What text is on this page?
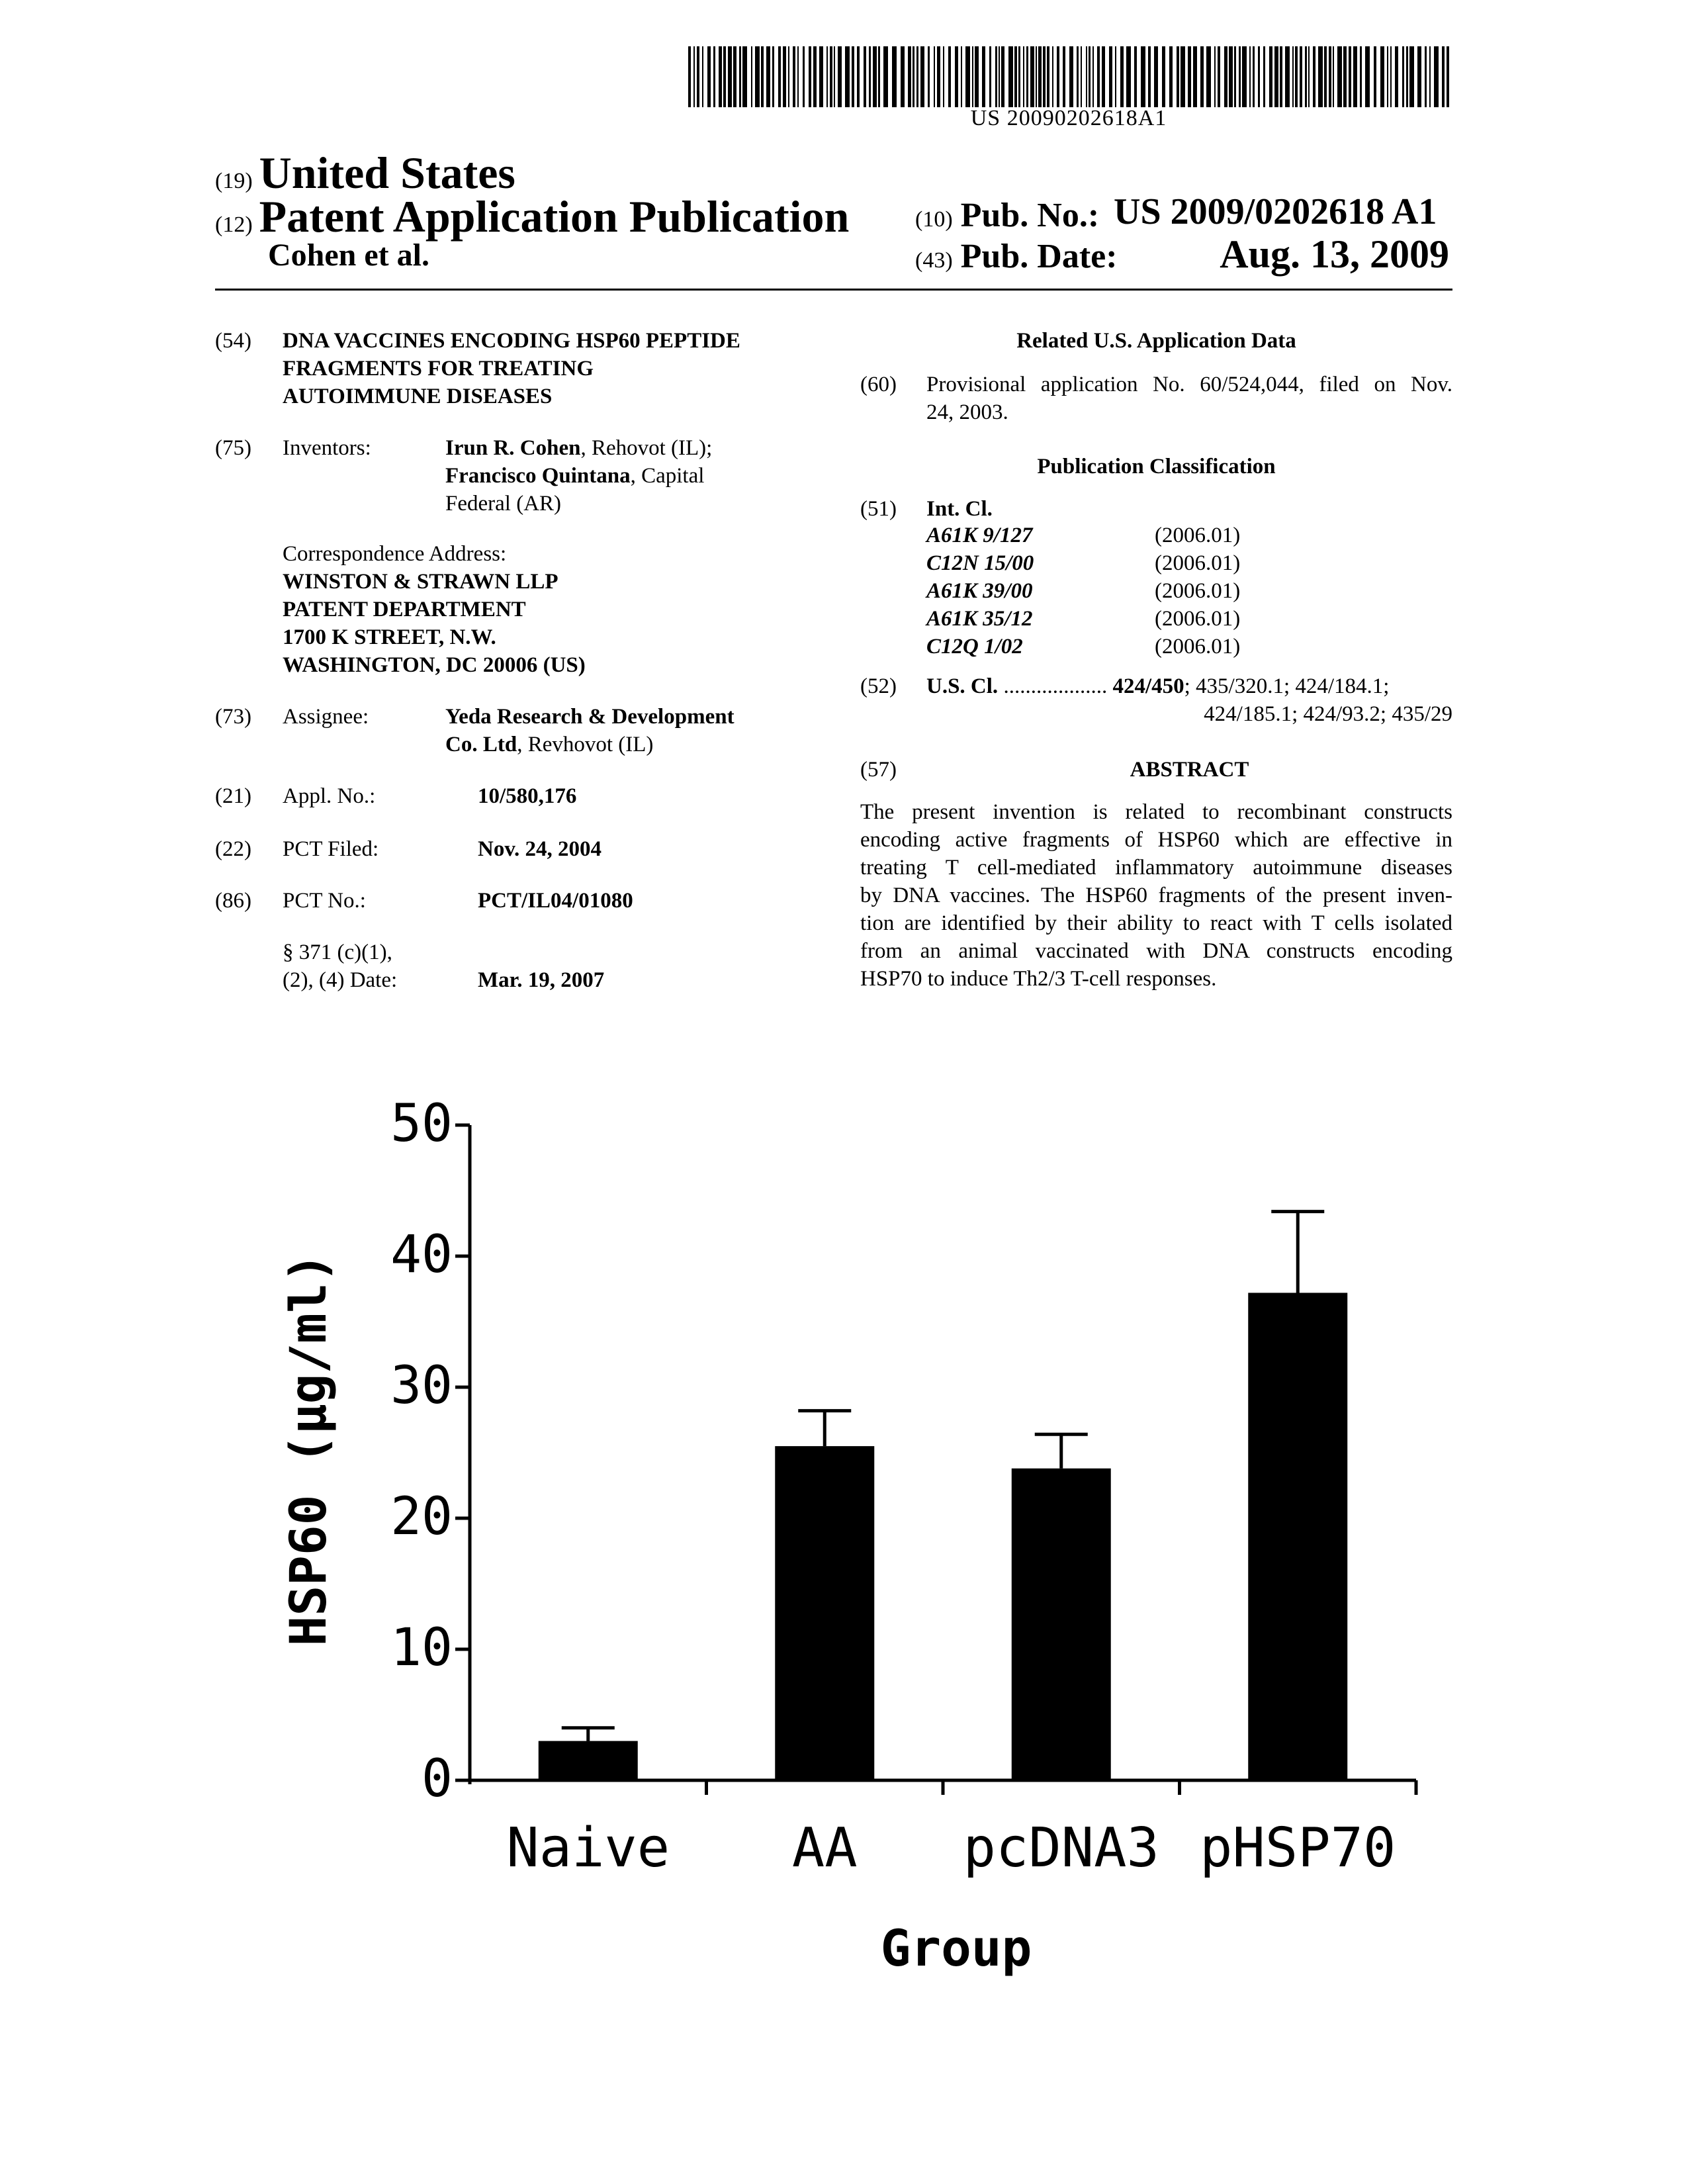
US 20090202618A1
(19) United States
(12) Patent Application Publication
Cohen et al.
(10) Pub. No.: US 2009/0202618 A1
(43) Pub. Date:	Aug. 13, 2009
(54) DNA VACCINES ENCODING HSP60 PEPTIDE
FRAGMENTS FOR TREATING
AUTOIMMUNE DISEASES
(75) Inventors:	Irun R. Cohen, Rehovot (IL);
Francisco Quintana, Capital
Federal (AR)
Correspondence Address:
WINSTON & STRAWN LLP
PATENT DEPARTMENT
1700 K STREET, N.W.
WASHINGTON, DC 20006 (US)
(73) Assignee:	Yeda Research & Development
Co. Ltd, Revhovot (IL)
(21) Appl. No.:	10/580,176
(22) PCT Filed:	Nov. 24, 2004
(86) PCT No.:	PCT/IL04/01080
§ 371 (c)(1),
(2), (4) Date:	Mar. 19, 2007
Related U.S. Application Data
(60) Provisional application No. 60/524,044, filed on Nov.
24, 2003.
Publication Classification
(51) Int. Cl.
A61K 9/127	(2006.01)
C12N 15/00	(2006.01)
A61K 39/00	(2006.01)
A61K 35/12	(2006.01)
C12Q 1/02	(2006.01)
(52) U.S. Cl. ................... 424/450; 435/320.1; 424/184.1;
424/185.1; 424/93.2; 435/29
(57)	ABSTRACT
The present invention is related to recombinant constructs
encoding active fragments of HSP60 which are effective in
treating T cell-mediated inflammatory autoimmune diseases
by DNA vaccines. The HSP60 fragments of the present inven-
tion are identified by their ability to react with T cells isolated
from an animal vaccinated with DNA constructs encoding
HSP70 to induce Th2/3 T-cell responses.
0
10
20
30
40
50
Naive AA pcDNA3 pHSP70
Group
HSP60 (µg/ml)
